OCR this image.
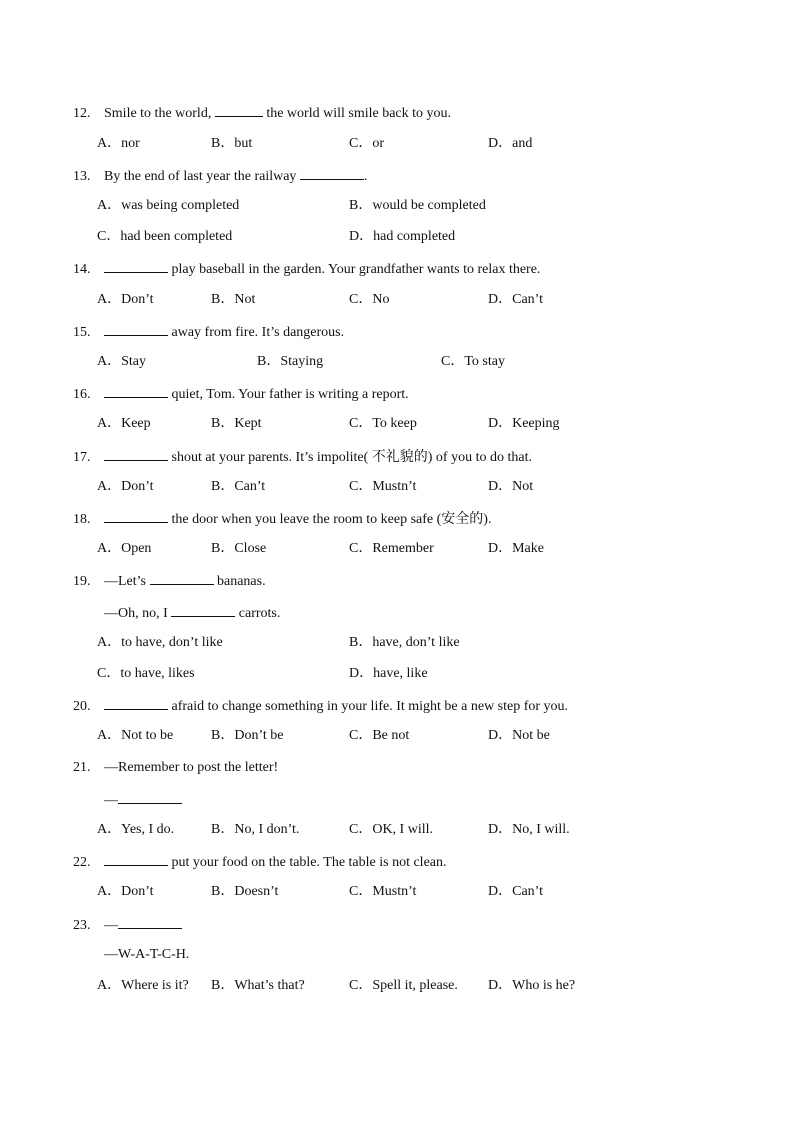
12. Smile to the world,	the world will smile back to you.
A．nor	B．but	C．or	D．and
13. By the end of last year the railway	.
A．was being completed	B．would be completed
C．had been completed	D．had completed
14.	play baseball in the garden. Your grandfather wants to relax there.
A．Don’t	B．Not	C．No	D．Can’t
15.	away from fire. It’s dangerous.
A．Stay	B．Staying	C．To stay
16.	quiet, Tom. Your father is writing a report.
A．Keep	B．Kept	C．To keep	D．Keeping
17.	shout at your parents. It’s impolite( 不礼貌的) of you to do that.
A．Don’t	B．Can’t	C．Mustn’t	D．Not
18.	the door when you leave the room to keep safe (安全的).
A．Open	B．Close	C．Remember	D．Make
19. —Let’s	bananas.
—Oh, no, I	carrots.
A．to have, don’t like	B．have, don’t like
C．to have, likes	D．have, like
20.	afraid to change something in your life. It might be a new step for you.
A．Not to be	B．Don’t be	C．Be not	D．Not be
21. —Remember to post the letter!
—
A．Yes, I do.	B．No, I don’t.	C．OK, I will.	D．No, I will.
22.	put your food on the table. The table is not clean.
A．Don’t	B．Doesn’t	C．Mustn’t	D．Can’t
23. —
—W-A-T-C-H.
A．Where is it? B．What’s that?	C．Spell it, please. D．Who is he?
